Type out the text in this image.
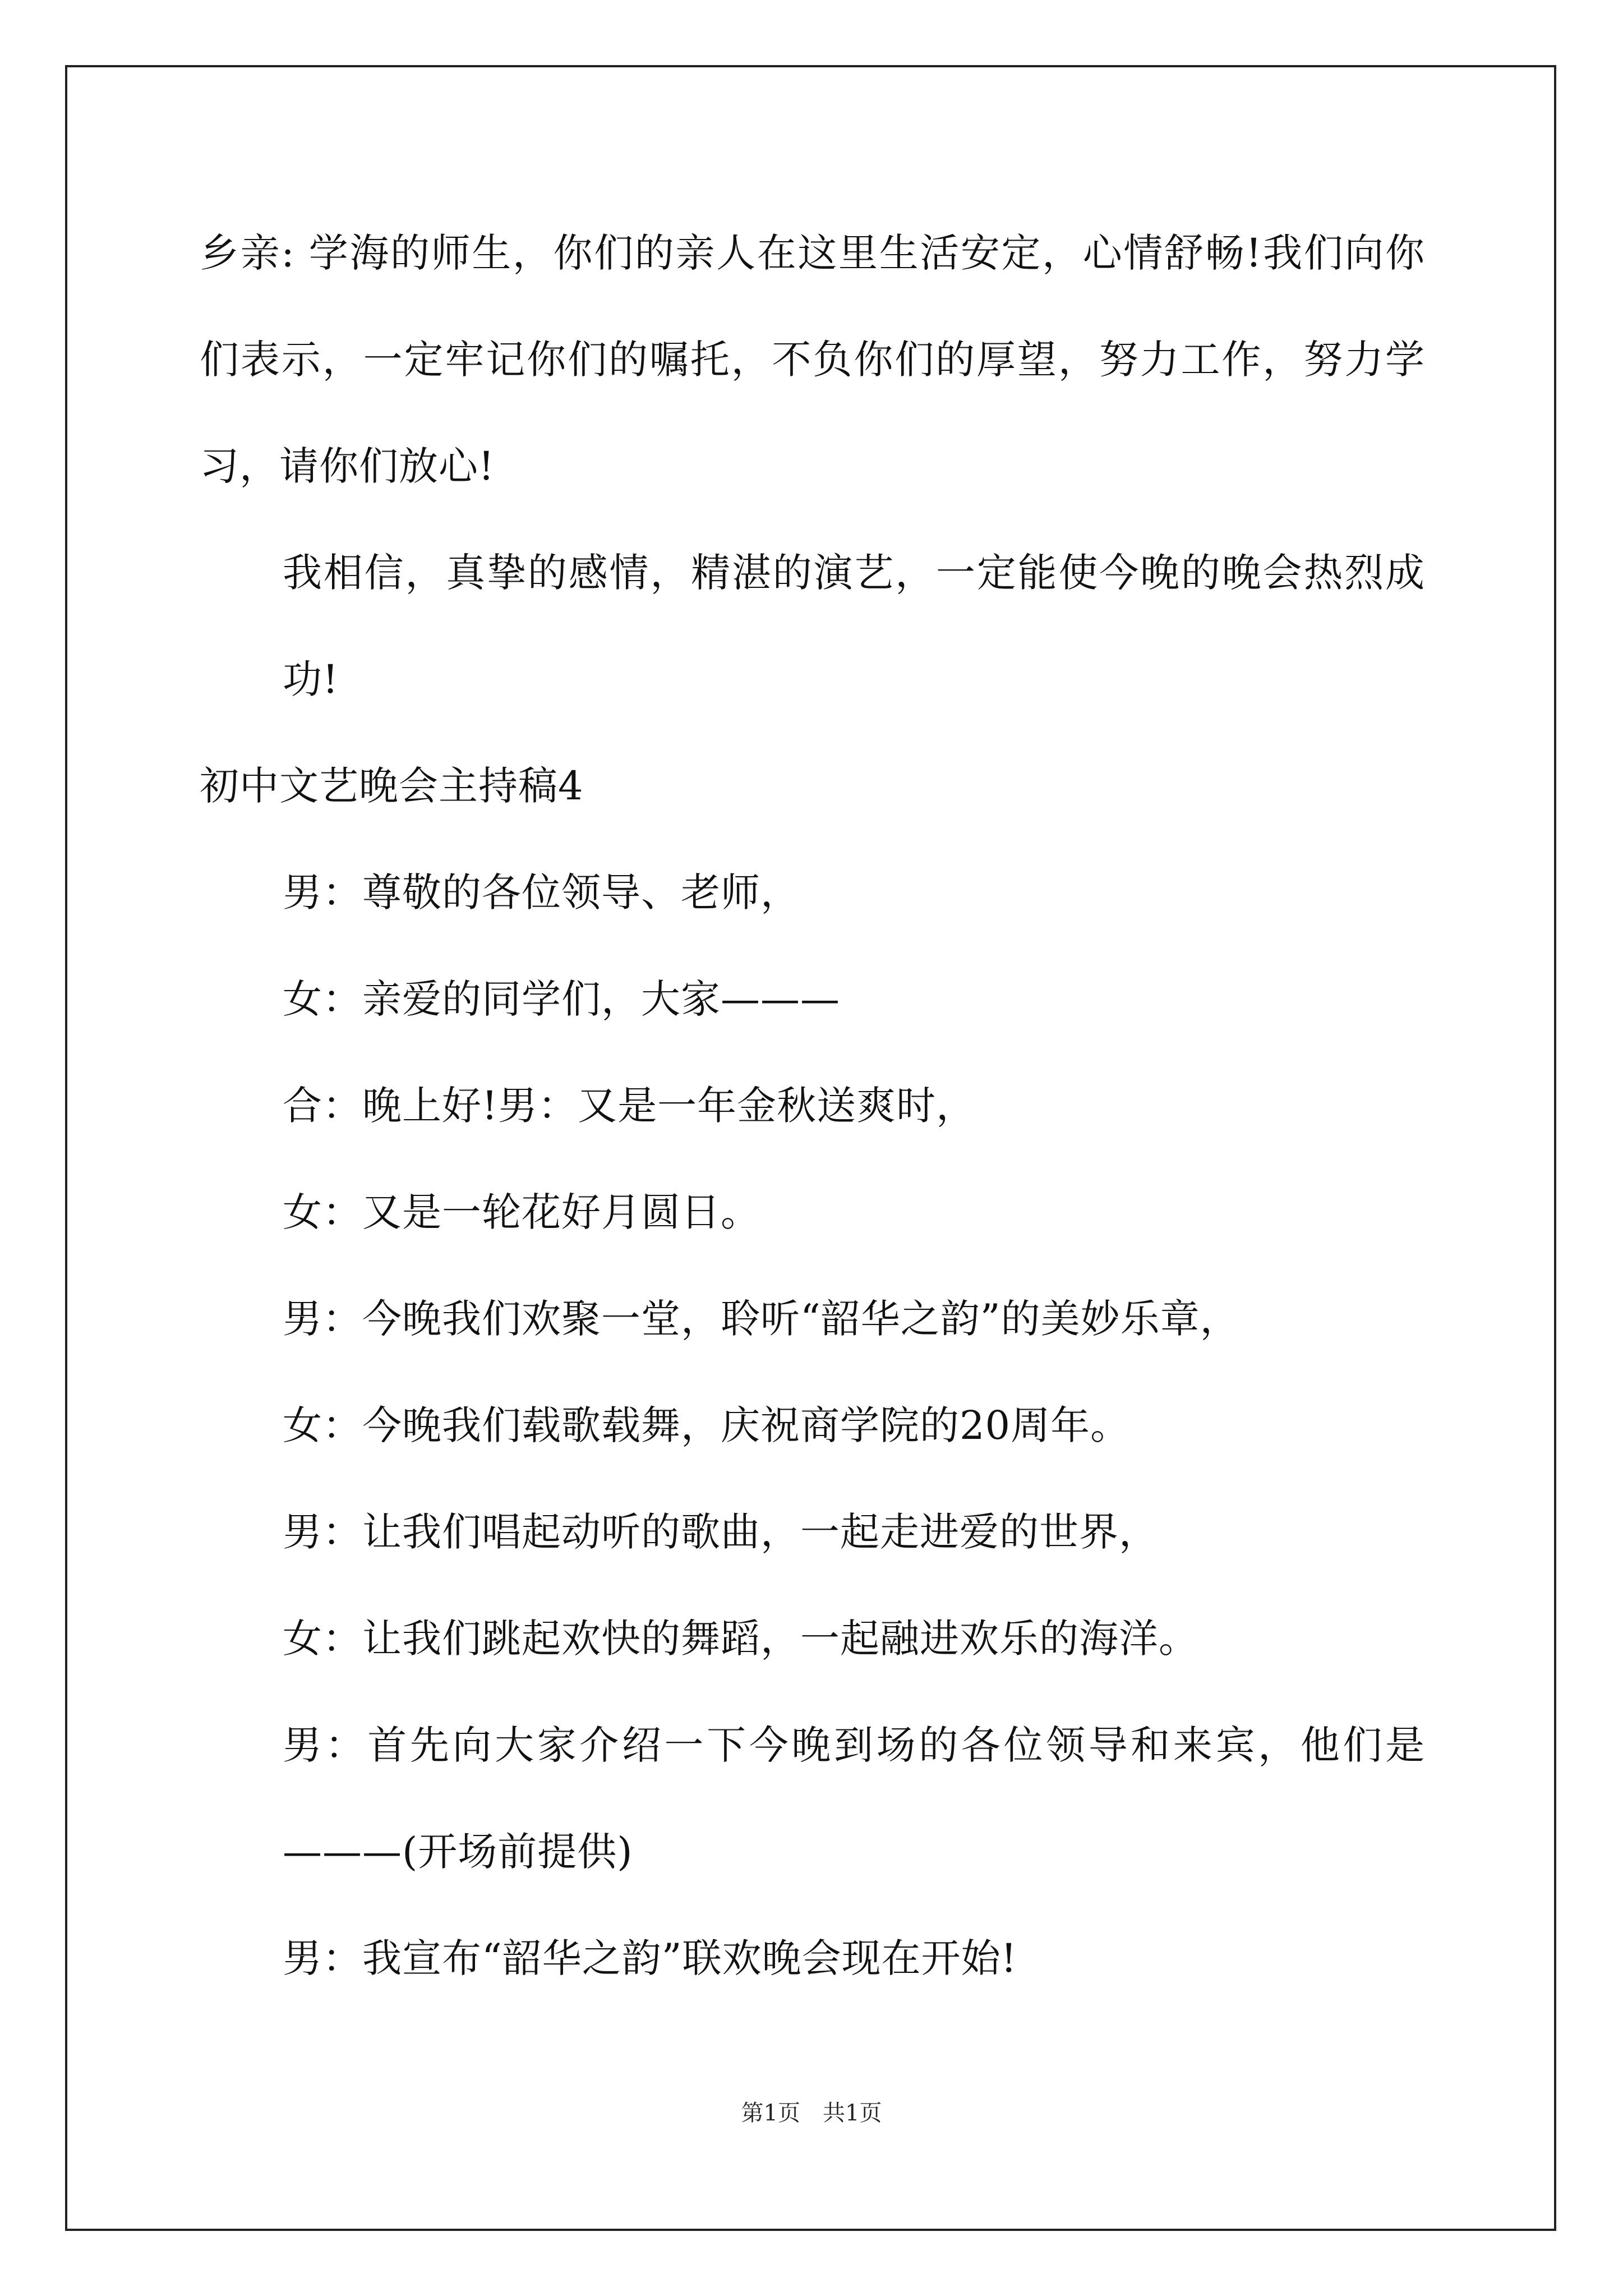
乡亲: 学海的师生，你们的亲人在这里生活安定，心情舒畅!我们向你们表示，一定牢记你们的嘱托，不负你们的厚望，努力工作，努力学习，请你们放心!

我相信，真挚的感情，精湛的演艺，一定能使今晚的晚会热烈成功!

初中文艺晚会主持稿4

男：尊敬的各位领导、老师，

女：亲爱的同学们，大家———

合：晚上好!男：又是一年金秋送爽时，

女：又是一轮花好月圆日。

男：今晚我们欢聚一堂，聆听“韶华之韵”的美妙乐章，

女：今晚我们载歌载舞，庆祝商学院的20周年。

男：让我们唱起动听的歌曲，一起走进爱的世界，

女：让我们跳起欢快的舞蹈，一起融进欢乐的海洋。

男：首先向大家介绍一下今晚到场的各位领导和来宾，他们是———(开场前提供)

男：我宣布“韶华之韵”联欢晚会现在开始!

第1页　共1页
